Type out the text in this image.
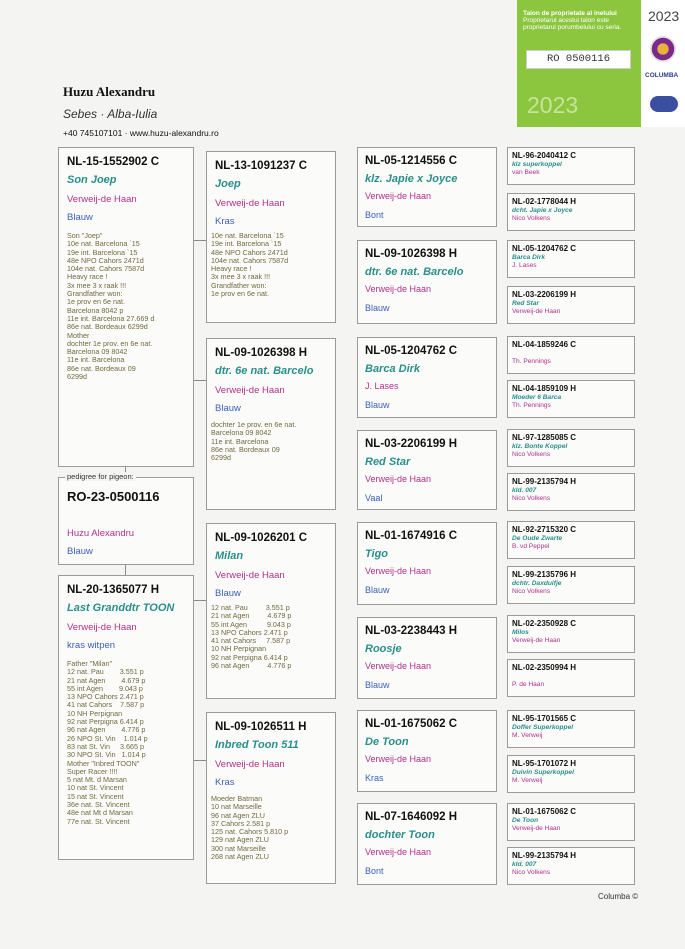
Talon de proprietate al inelului
Proprietarul acestui talon este
proprietarul porumbelului cu seria.
RO 0500116
2023
2023
COLUMBA
Huzu Alexandru
Sebes · Alba-Iulia
+40 745107101 · www.huzu-alexandru.ro
NL-15-1552902 C
Son Joep
Verweij-de Haan
Blauw
Son "Joep"
10e nat. Barcelona `15
19e int. Barcelona `15
48e NPO Cahors 2471d
104e nat. Cahors 7587d
Heavy race !
3x mee 3 x raak !!!
Grandfather won:
1e prov en 6e nat.
Barcelona 8042 p
11e int. Barcelona 27.669 d
86e nat. Bordeaux 6299d
Mother
dochter 1e prov. en 6e nat.
Barcelona 09 8042
11e int. Barcelona
86e nat. Bordeaux 09
6299d
pedigree for pigeon:
RO-23-0500116
Huzu Alexandru
Blauw
NL-20-1365077 H
Last Granddtr TOON
Verweij-de Haan
kras witpen
Father "Milan"
12 nat. Pau        3.551 p
21 nat Agen        4.679 p
55 int Agen        9.043 p
13 NPO Cahors 2.471 p
41 nat Cahors    7.587 p
10 NH Perpignan
92 nat Perpigna 6.414 p
96 nat Agen        4.776 p
26 NPO St. Vin    1.014 p
83 nat St. Vin     3.665 p
30 NPO St. Vin   1.014 p
Mother "Inbred TOON"
Super Racer !!!!
5 nat Mt. d Marsan
10 nat St. Vincent
15 nat St. Vincent
36e nat. St. Vincent
48e nat Mt d Marsan
77e nat. St. Vincent
NL-13-1091237 C
Joep
Verweij-de Haan
Kras
10e nat. Barcelona `15
19e int. Barcelona `15
48e NPO Cahors 2471d
104e nat. Cahors 7587d
Heavy race !
3x mee 3 x raak !!!
Grandfather won:
1e prov en 6e nat.
NL-09-1026398 H
dtr. 6e nat. Barcelo
Verweij-de Haan
Blauw
dochter 1e prov. en 6e nat.
Barcelona 09 8042
11e int. Barcelona
86e nat. Bordeaux 09
6299d
NL-09-1026201 C
Milan
Verweij-de Haan
Blauw
12 nat. Pau         3.551 p
21 nat Agen         4.679 p
55 int Agen          9.043 p
13 NPO Cahors 2.471 p
41 nat Cahors     7.587 p
10 NH Perpignan
92 nat Perpigna 6.414 p
96 nat Agen         4.776 p
NL-09-1026511 H
Inbred Toon 511
Verweij-de Haan
Kras
Moeder Batman
10 nat Marseille
96 nat Agen ZLU
37 Cahors 2.581 p
125 nat. Cahors 5.810 p
129 nat Agen ZLU
300 nat Marseille
268 nat Agen ZLU
NL-05-1214556 C
klz. Japie x Joyce
Verweij-de Haan
Bont
NL-09-1026398 H
dtr. 6e nat. Barcelo
Verweij-de Haan
Blauw
NL-05-1204762 C
Barca Dirk
J. Lases
Blauw
NL-03-2206199 H
Red Star
Verweij-de Haan
Vaal
NL-01-1674916 C
Tigo
Verweij-de Haan
Blauw
NL-03-2238443 H
Roosje
Verweij-de Haan
Blauw
NL-01-1675062 C
De Toon
Verweij-de Haan
Kras
NL-07-1646092 H
dochter Toon
Verweij-de Haan
Bont
NL-96-2040412 C
klz superkoppel
van Beek
NL-02-1778044 H
dcht. Japie x Joyce
Nico Volkens
NL-05-1204762 C
Barca Dirk
J. Lases
NL-03-2206199 H
Red Star
Verweij-de Haan
NL-04-1859246 C
Th. Pennings
NL-04-1859109 H
Moeder 6 Barca
Th. Pennings
NL-97-1285085 C
klz. Bonte Koppel
Nico Volkens
NL-99-2135794 H
kld. 007
Nico Volkens
NL-92-2715320 C
De Oude Zwarte
B. vd Peppel
NL-99-2135796 H
dchtr. Daxduifje
Nico Volkens
NL-02-2350928 C
Milos
Verweij-de Haan
NL-02-2350994 H
P. de Haan
NL-95-1701565 C
Doffer Superkoppel
M. Verweij
NL-95-1701072 H
Duivin Superkoppel
M. Verweij
NL-01-1675062 C
De Toon
Verweij-de Haan
NL-99-2135794 H
kld. 007
Nico Volkens
Columba ©
